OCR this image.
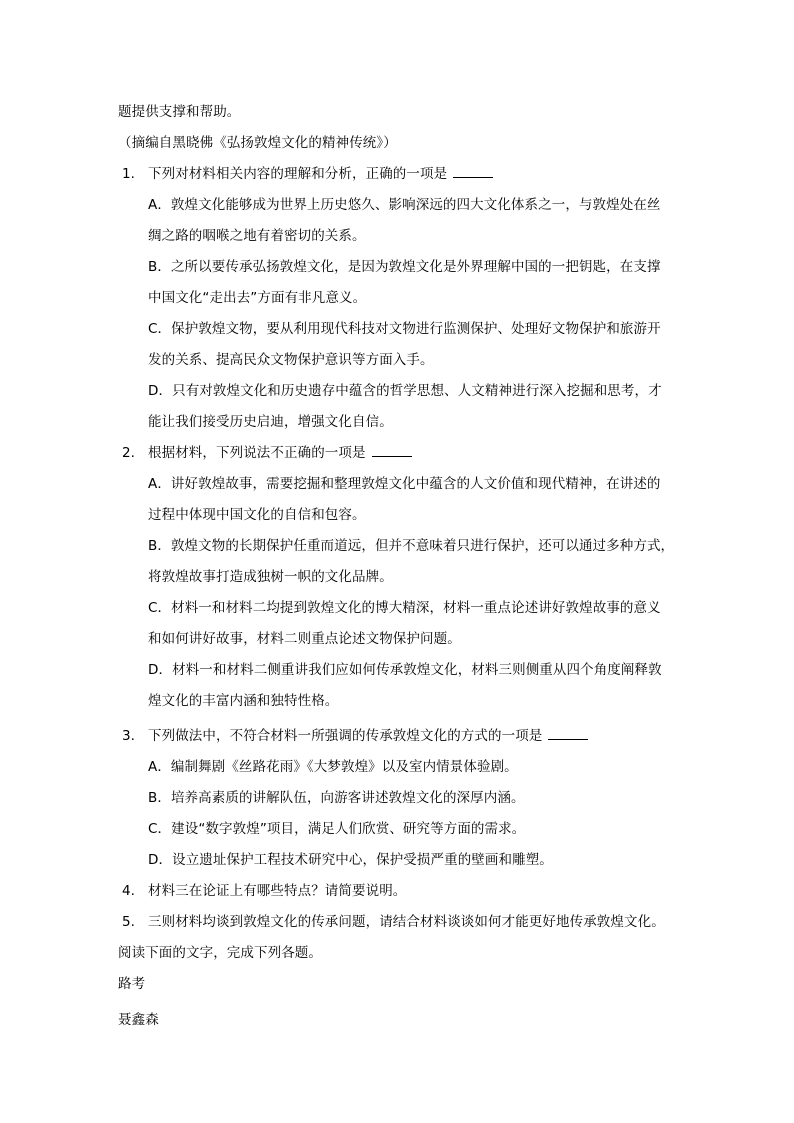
题提供支撑和帮助。
（摘编自黑晓佛《弘扬敦煌文化的精神传统》）
1. 下列对材料相关内容的理解和分析，正确的一项是
A．敦煌文化能够成为世界上历史悠久、影响深远的四大文化体系之一，与敦煌处在丝
绸之路的咽喉之地有着密切的关系。
B．之所以要传承弘扬敦煌文化，是因为敦煌文化是外界理解中国的一把钥匙，在支撑
中国文化“走出去”方面有非凡意义。
C．保护敦煌文物，要从利用现代科技对文物进行监测保护、处理好文物保护和旅游开
发的关系、提高民众文物保护意识等方面入手。
D．只有对敦煌文化和历史遗存中蕴含的哲学思想、人文精神进行深入挖掘和思考，才
能让我们接受历史启迪，增强文化自信。
2. 根据材料，下列说法不正确的一项是
A．讲好敦煌故事，需要挖掘和整理敦煌文化中蕴含的人文价值和现代精神，在讲述的
过程中体现中国文化的自信和包容。
B．敦煌文物的长期保护任重而道远，但并不意味着只进行保护，还可以通过多种方式，
将敦煌故事打造成独树一帜的文化品牌。
C．材料一和材料二均提到敦煌文化的博大精深，材料一重点论述讲好敦煌故事的意义
和如何讲好故事，材料二则重点论述文物保护问题。
D．材料一和材料二侧重讲我们应如何传承敦煌文化，材料三则侧重从四个角度阐释敦
煌文化的丰富内涵和独特性格。
3. 下列做法中，不符合材料一所强调的传承敦煌文化的方式的一项是
A．编制舞剧《丝路花雨》《大梦敦煌》以及室内情景体验剧。
B．培养高素质的讲解队伍，向游客讲述敦煌文化的深厚内涵。
C．建设“数字敦煌”项目，满足人们欣赏、研究等方面的需求。
D．设立遗址保护工程技术研究中心，保护受损严重的壁画和雕塑。
4. 材料三在论证上有哪些特点？请简要说明。
5. 三则材料均谈到敦煌文化的传承问题，请结合材料谈谈如何才能更好地传承敦煌文化。
阅读下面的文字，完成下列各题。
路考
聂鑫森
